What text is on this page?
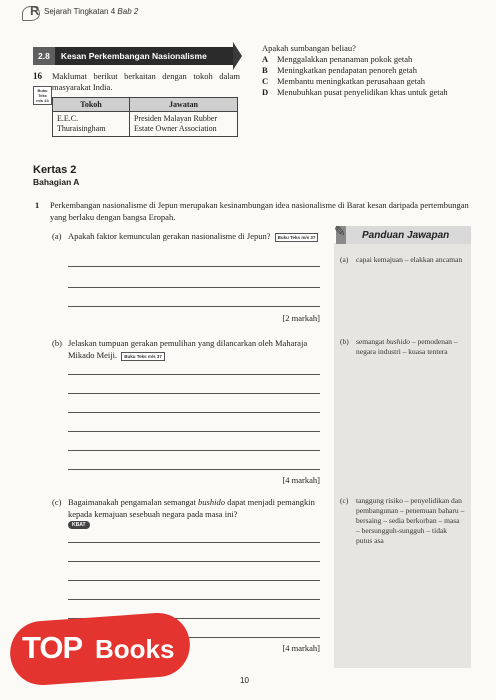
R Sejarah Tingkatan 4 Bab 2
2.8	Kesan Perkembangan Nasionalisme
16 Maklumat berikut berkaitan dengan tokoh dalam masyarakat India.
Buku
Teks
m/s 43	Tokoh	Jawatan
E.E.C. Thuraisingham	Presiden Malayan Rubber Estate Owner Association
Apakah sumbangan beliau?
A	Menggalakkan penanaman pokok getah
B	Meningkatkan pendapatan penoreh getah
C	Membantu meningkatkan perusahaan getah
D	Menubuhkan pusat penyelidikan khas untuk getah
Kertas 2
Bahagian A
1 Perkembangan nasionalisme di Jepun merupakan kesinambungan idea nasionalisme di Barat kesan daripada pertembungan yang berlaku dengan bangsa Eropah.
(a) Apakah faktor kemunculan gerakan nasionalisme di Jepun? Buku Teks m/s 37
[2 markah]
(b) Jelaskan tumpuan gerakan pemulihan yang dilancarkan oleh Maharaja Mikado Meiji. Buku Teks m/s 37
[4 markah]
(c) Bagaimanakah pengamalan semangat bushido dapat menjadi pemangkin kepada kemajuan sesebuah negara pada masa ini?
KBAT
[4 markah]
Panduan Jawapan
✎
(a)	capai kemajuan – elakkan ancaman
(b) semangat bushido – pemodenan – negara industri – kuasa tentera
(c)	tanggung risiko – penyelidikan dan pembangunan – penemuan baharu – bersaing – sedia berkorban – masa – bersungguh-sungguh – tidak putus asa
10
TOP Books
